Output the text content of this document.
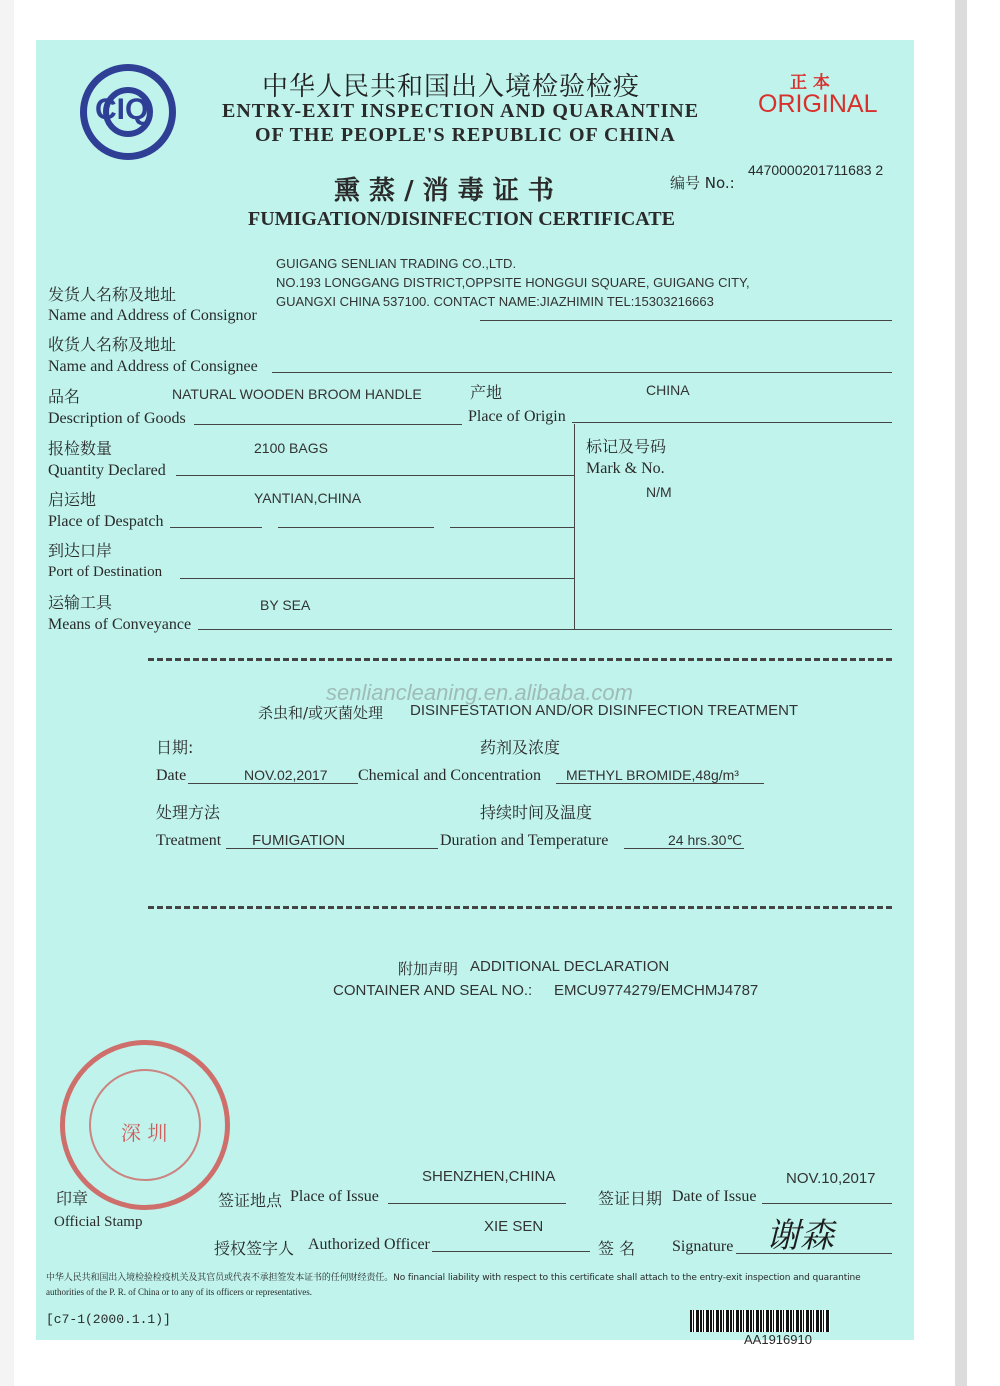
CIQ
中华人民共和国出入境检验检疫
ENTRY-EXIT INSPECTION AND QUARANTINE
OF THE PEOPLE'S REPUBLIC OF CHINA
正 本
ORIGINAL
编号 No.:
4470000201711683 2
熏 蒸 / 消 毒 证 书
FUMIGATION/DISINFECTION CERTIFICATE
GUIGANG SENLIAN TRADING CO.,LTD.
NO.193 LONGGANG DISTRICT,OPPSITE HONGGUI SQUARE, GUIGANG CITY,
GUANGXI CHINA 537100. CONTACT NAME:JIAZHIMIN TEL:15303216663
发货人名称及地址
Name and Address of Consignor
收货人名称及地址
Name and Address of Consignee
品名	NATURAL WOODEN BROOM HANDLE
Description of Goods
产地	CHINA
Place of Origin
标记及号码
Mark & No.
N/M
报检数量	2100 BAGS
Quantity Declared
启运地	YANTIAN,CHINA
Place of Despatch
到达口岸
Port of Destination
运输工具	BY SEA
Means of Conveyance
senliancleaning.en.alibaba.com
杀虫和/或灭菌处理 DISINFESTATION AND/OR DISINFECTION TREATMENT
日期:	药剂及浓度
Date	NOV.02,2017 Chemical and Concentration METHYL BROMIDE,48g/m³
处理方法	持续时间及温度
Treatment FUMIGATION	Duration and Temperature	24 hrs.30℃
附加声明 ADDITIONAL DECLARATION
CONTAINER AND SEAL NO.: EMCU9774279/EMCHMJ4787
深 圳
印章
Official Stamp
SHENZHEN,CHINA
签证地点 Place of Issue
NOV.10,2017
签证日期 Date of Issue
XIE SEN
授权签字人 Authorized Officer	签 名 Signature 谢森
中华人民共和国出入境检验检疫机关及其官员或代表不承担签发本证书的任何财经责任。No financial liability with respect to this certificate shall attach to the entry-exit inspection and quarantine
authorities of the P. R. of China or to any of its officers or representatives.
[c7-1(2000.1.1)]
AA1916910
